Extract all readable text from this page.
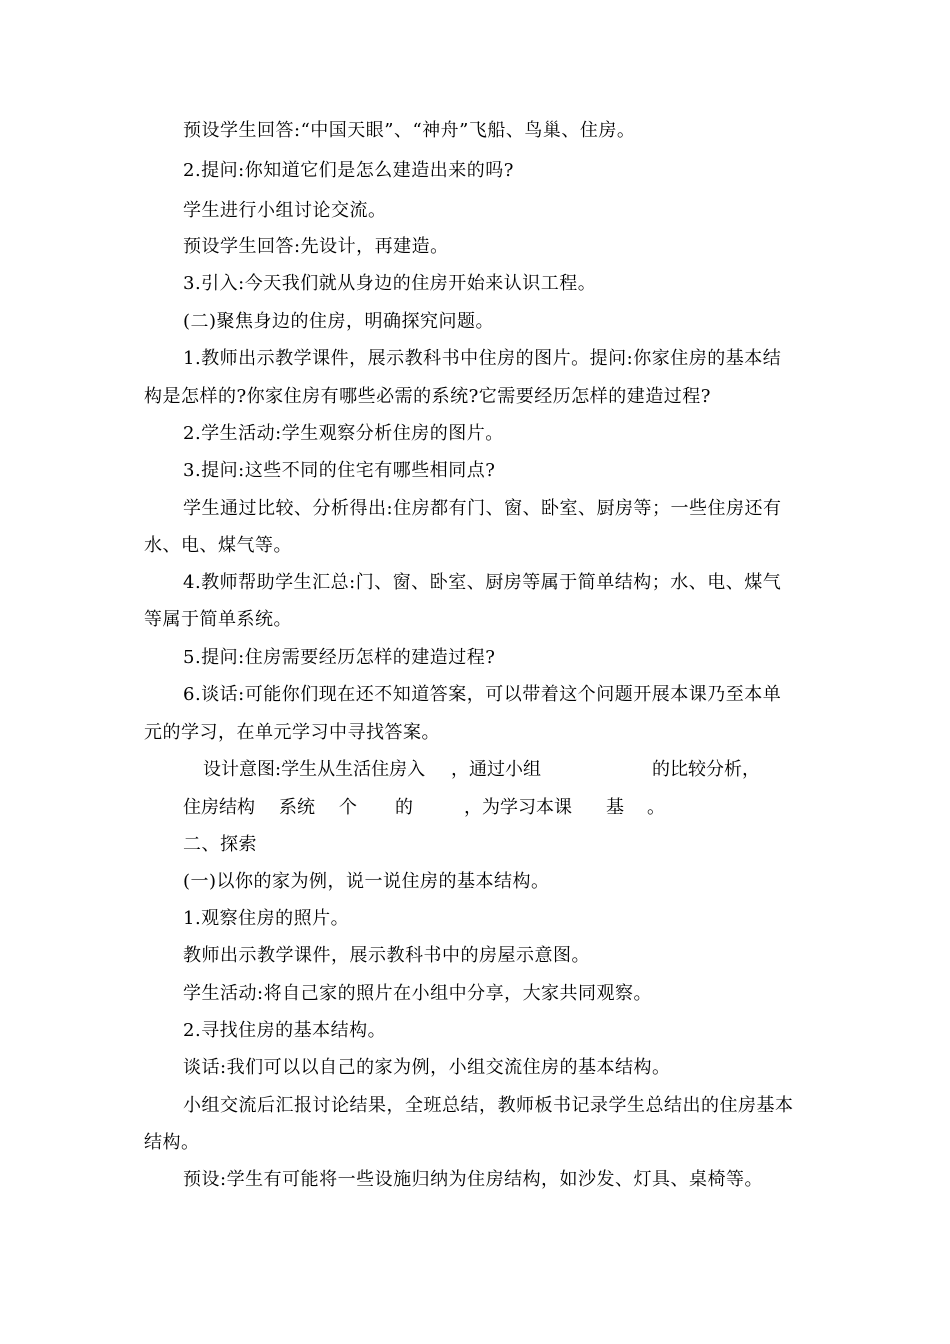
预设学生回答:“中国天眼”、“神舟”飞船、鸟巢、住房。
2.提问:你知道它们是怎么建造出来的吗?
学生进行小组讨论交流。
预设学生回答:先设计，再建造。
3.引入:今天我们就从身边的住房开始来认识工程。
(二)聚焦身边的住房，明确探究问题。
1.教师出示教学课件，展示教科书中住房的图片。提问:你家住房的基本结
构是怎样的?你家住房有哪些必需的系统?它需要经历怎样的建造过程?
2.学生活动:学生观察分析住房的图片。
3.提问:这些不同的住宅有哪些相同点?
学生通过比较、分析得出:住房都有门、窗、卧室、厨房等；一些住房还有
水、电、煤气等。
4.教师帮助学生汇总:门、窗、卧室、厨房等属于简单结构；水、电、煤气
等属于简单系统。
5.提问:住房需要经历怎样的建造过程?
6.谈话:可能你们现在还不知道答案，可以带着这个问题开展本课乃至本单
元的学习，在单元学习中寻找答案。
设计意图:学生从生活住房入 ，通过小组	的比较分析，
住房结构 系统 个 的	，为学习本课 基 。
二、探索
(一)以你的家为例，说一说住房的基本结构。
1.观察住房的照片。
教师出示教学课件，展示教科书中的房屋示意图。
学生活动:将自己家的照片在小组中分享，大家共同观察。
2.寻找住房的基本结构。
谈话:我们可以以自己的家为例，小组交流住房的基本结构。
小组交流后汇报讨论结果，全班总结，教师板书记录学生总结出的住房基本
结构。
预设:学生有可能将一些设施归纳为住房结构，如沙发、灯具、桌椅等。
